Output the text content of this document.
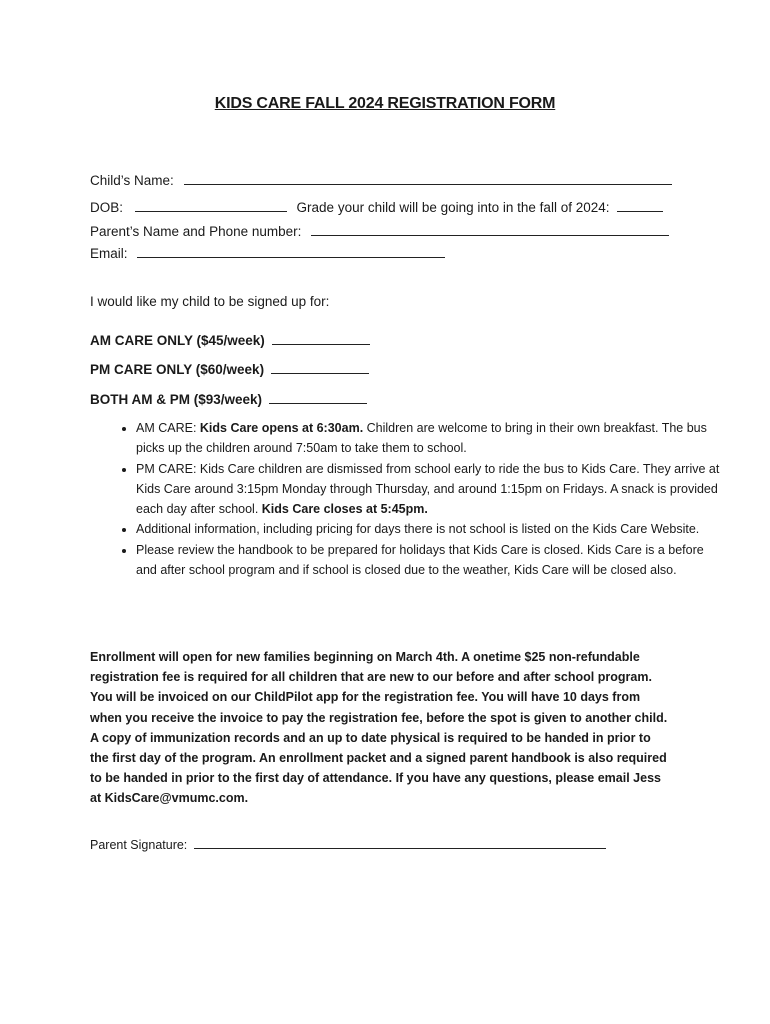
KIDS CARE FALL 2024 REGISTRATION FORM
Child’s Name:
DOB:	Grade your child will be going into in the fall of 2024:
Parent’s Name and Phone number:
Email:
I would like my child to be signed up for:
AM CARE ONLY ($45/week)
PM CARE ONLY ($60/week)
BOTH AM & PM ($93/week)
• AM CARE: Kids Care opens at 6:30am. Children are welcome to bring in their own breakfast. The bus picks up the children around 7:50am to take them to school.
• PM CARE: Kids Care children are dismissed from school early to ride the bus to Kids Care. They arrive at Kids Care around 3:15pm Monday through Thursday, and around 1:15pm on Fridays. A snack is provided each day after school. Kids Care closes at 5:45pm.
• Additional information, including pricing for days there is not school is listed on the Kids Care Website.
• Please review the handbook to be prepared for holidays that Kids Care is closed. Kids Care is a before and after school program and if school is closed due to the weather, Kids Care will be closed also.
Enrollment will open for new families beginning on March 4th. A onetime $25 non-refundable registration fee is required for all children that are new to our before and after school program. You will be invoiced on our ChildPilot app for the registration fee. You will have 10 days from when you receive the invoice to pay the registration fee, before the spot is given to another child. A copy of immunization records and an up to date physical is required to be handed in prior to the first day of the program. An enrollment packet and a signed parent handbook is also required to be handed in prior to the first day of attendance. If you have any questions, please email Jess at KidsCare@vmumc.com.
Parent Signature:
